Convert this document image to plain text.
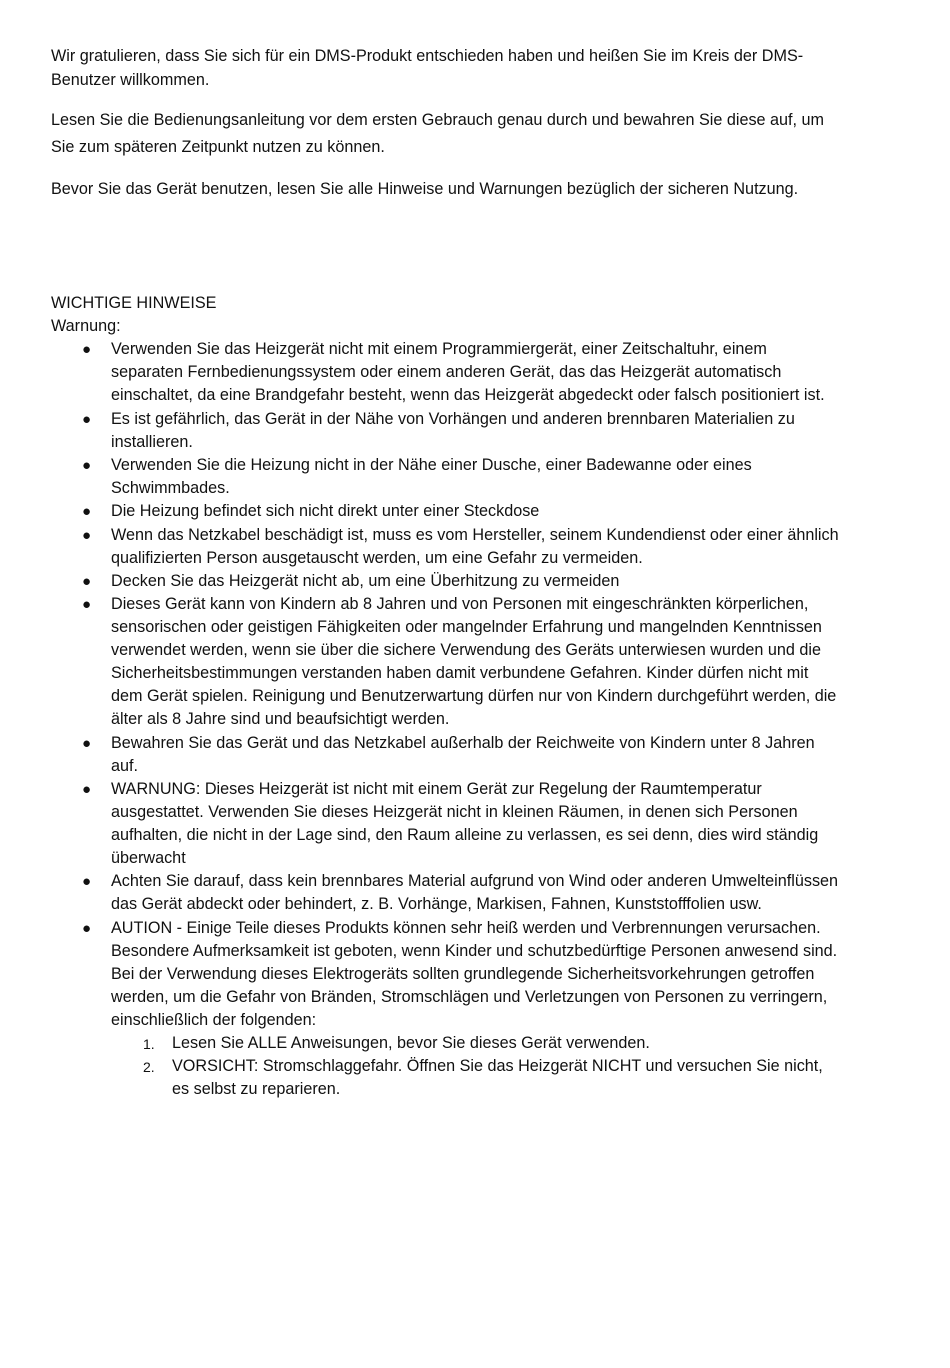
Wir gratulieren, dass Sie sich für ein DMS-Produkt entschieden haben und heißen Sie im Kreis der DMS-Benutzer willkommen.

Lesen Sie die Bedienungsanleitung vor dem ersten Gebrauch genau durch und bewahren Sie diese auf, um Sie zum späteren Zeitpunkt nutzen zu können.

Bevor Sie das Gerät benutzen, lesen Sie alle Hinweise und Warnungen bezüglich der sicheren Nutzung.

WICHTIGE HINWEISE

Warnung:

● Verwenden Sie das Heizgerät nicht mit einem Programmiergerät, einer Zeitschaltuhr, einem separaten Fernbedienungssystem oder einem anderen Gerät, das das Heizgerät automatisch einschaltet, da eine Brandgefahr besteht, wenn das Heizgerät abgedeckt oder falsch positioniert ist.
● Es ist gefährlich, das Gerät in der Nähe von Vorhängen und anderen brennbaren Materialien zu installieren.
● Verwenden Sie die Heizung nicht in der Nähe einer Dusche, einer Badewanne oder eines Schwimmbades.
● Die Heizung befindet sich nicht direkt unter einer Steckdose
● Wenn das Netzkabel beschädigt ist, muss es vom Hersteller, seinem Kundendienst oder einer ähnlich qualifizierten Person ausgetauscht werden, um eine Gefahr zu vermeiden.
● Decken Sie das Heizgerät nicht ab, um eine Überhitzung zu vermeiden
● Dieses Gerät kann von Kindern ab 8 Jahren und von Personen mit eingeschränkten körperlichen, sensorischen oder geistigen Fähigkeiten oder mangelnder Erfahrung und mangelnden Kenntnissen verwendet werden, wenn sie über die sichere Verwendung des Geräts unterwiesen wurden und die Sicherheitsbestimmungen verstanden haben damit verbundene Gefahren. Kinder dürfen nicht mit dem Gerät spielen. Reinigung und Benutzerwartung dürfen nur von Kindern durchgeführt werden, die älter als 8 Jahre sind und beaufsichtigt werden.
● Bewahren Sie das Gerät und das Netzkabel außerhalb der Reichweite von Kindern unter 8 Jahren auf.
● WARNUNG: Dieses Heizgerät ist nicht mit einem Gerät zur Regelung der Raumtemperatur ausgestattet. Verwenden Sie dieses Heizgerät nicht in kleinen Räumen, in denen sich Personen aufhalten, die nicht in der Lage sind, den Raum alleine zu verlassen, es sei denn, dies wird ständig überwacht
● Achten Sie darauf, dass kein brennbares Material aufgrund von Wind oder anderen Umwelteinflüssen das Gerät abdeckt oder behindert, z. B. Vorhänge, Markisen, Fahnen, Kunststofffolien usw.
● AUTION - Einige Teile dieses Produkts können sehr heiß werden und Verbrennungen verursachen. Besondere Aufmerksamkeit ist geboten, wenn Kinder und schutzbedürftige Personen anwesend sind.
Bei der Verwendung dieses Elektrogeräts sollten grundlegende Sicherheitsvorkehrungen getroffen werden, um die Gefahr von Bränden, Stromschlägen und Verletzungen von Personen zu verringern, einschließlich der folgenden:
1. Lesen Sie ALLE Anweisungen, bevor Sie dieses Gerät verwenden.
2. VORSICHT: Stromschlaggefahr. Öffnen Sie das Heizgerät NICHT und versuchen Sie nicht, es selbst zu reparieren.
